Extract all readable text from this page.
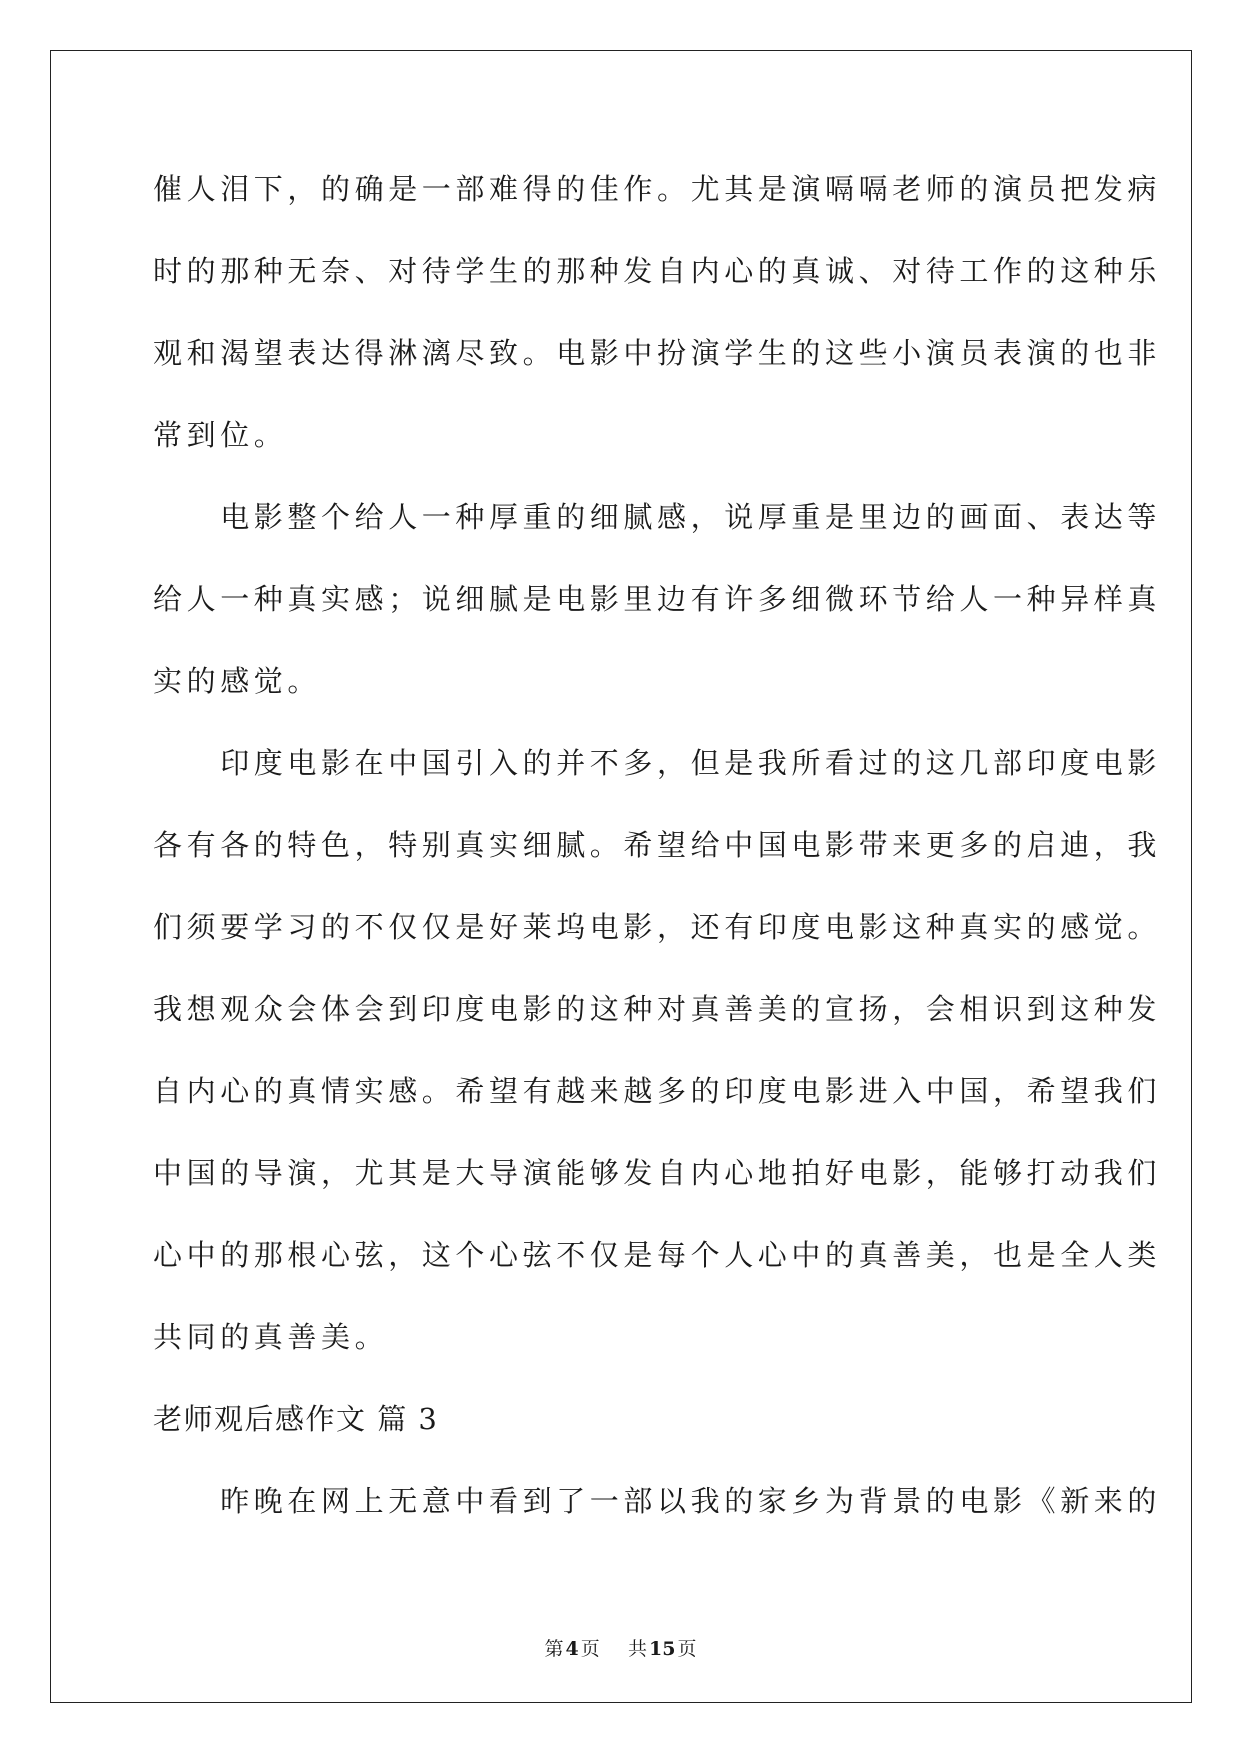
催人泪下，的确是一部难得的佳作。尤其是演嗝嗝老师的演员把发病
时的那种无奈、对待学生的那种发自内心的真诚、对待工作的这种乐
观和渴望表达得淋漓尽致。电影中扮演学生的这些小演员表演的也非
常到位。
　　电影整个给人一种厚重的细腻感，说厚重是里边的画面、表达等
给人一种真实感；说细腻是电影里边有许多细微环节给人一种异样真
实的感觉。
　　印度电影在中国引入的并不多，但是我所看过的这几部印度电影
各有各的特色，特别真实细腻。希望给中国电影带来更多的启迪，我
们须要学习的不仅仅是好莱坞电影，还有印度电影这种真实的感觉。
我想观众会体会到印度电影的这种对真善美的宣扬，会相识到这种发
自内心的真情实感。希望有越来越多的印度电影进入中国，希望我们
中国的导演，尤其是大导演能够发自内心地拍好电影，能够打动我们
心中的那根心弦，这个心弦不仅是每个人心中的真善美，也是全人类
共同的真善美。
老师观后感作文 篇 3
　　昨晚在网上无意中看到了一部以我的家乡为背景的电影《新来的
第 4 页 共 15 页
